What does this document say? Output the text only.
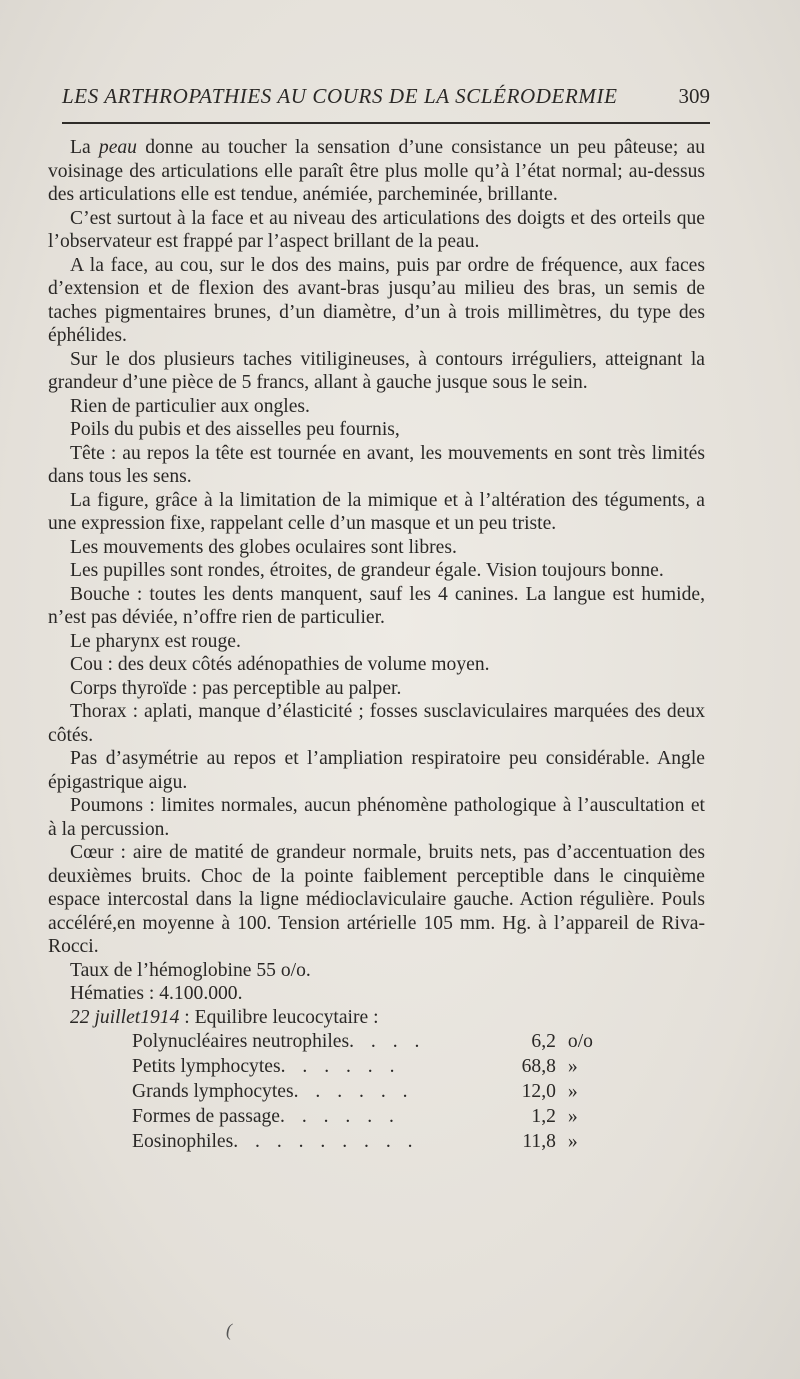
LES ARTHROPATHIES AU COURS DE LA SCLÉRODERMIE	309

La peau donne au toucher la sensation d’une consistance un peu pâteuse; au voisinage des articulations elle paraît être plus molle qu’à l’état normal; au-dessus des articulations elle est tendue, anémiée, parcheminée, brillante.

C’est surtout à la face et au niveau des articulations des doigts et des orteils que l’observateur est frappé par l’aspect brillant de la peau.

A la face, au cou, sur le dos des mains, puis par ordre de fréquence, aux faces d’extension et de flexion des avant-bras jusqu’au milieu des bras, un semis de taches pigmentaires brunes, d’un diamètre, d’un à trois millimètres, du type des éphélides.

Sur le dos plusieurs taches vitiligineuses, à contours irréguliers, atteignant la grandeur d’une pièce de 5 francs, allant à gauche jusque sous le sein.

Rien de particulier aux ongles.

Poils du pubis et des aisselles peu fournis,

Tête : au repos la tête est tournée en avant, les mouvements en sont très limités dans tous les sens.

La figure, grâce à la limitation de la mimique et à l’altération des téguments, a une expression fixe, rappelant celle d’un masque et un peu triste.

Les mouvements des globes oculaires sont libres.

Les pupilles sont rondes, étroites, de grandeur égale. Vision toujours bonne.

Bouche : toutes les dents manquent, sauf les 4 canines. La langue est humide, n’est pas déviée, n’offre rien de particulier.

Le pharynx est rouge.

Cou : des deux côtés adénopathies de volume moyen.

Corps thyroïde : pas perceptible au palper.

Thorax : aplati, manque d’élasticité ; fosses susclaviculaires marquées des deux côtés.

Pas d’asymétrie au repos et l’ampliation respiratoire peu considérable. Angle épigastrique aigu.

Poumons : limites normales, aucun phénomène pathologique à l’auscultation et à la percussion.

Cœur : aire de matité de grandeur normale, bruits nets, pas d’accentuation des deuxièmes bruits. Choc de la pointe faiblement perceptible dans le cinquième espace intercostal dans la ligne médioclaviculaire gauche. Action régulière. Pouls accéléré,en moyenne à 100. Tension artérielle 105 mm. Hg. à l’appareil de Riva-Rocci.

Taux de l’hémoglobine 55 o/o.

Hématies : 4.100.000.

22 juillet1914 : Equilibre leucocytaire :

Polynucléaires neutrophiles. . . .	6,2	o/o
Petits lymphocytes. . . . . .	68,8	»
Grands lymphocytes. . . . . .	12,0	»
Formes de passage. . . . . .	1,2	»
Eosinophiles. . . . . . . . .	11,8	»
(
